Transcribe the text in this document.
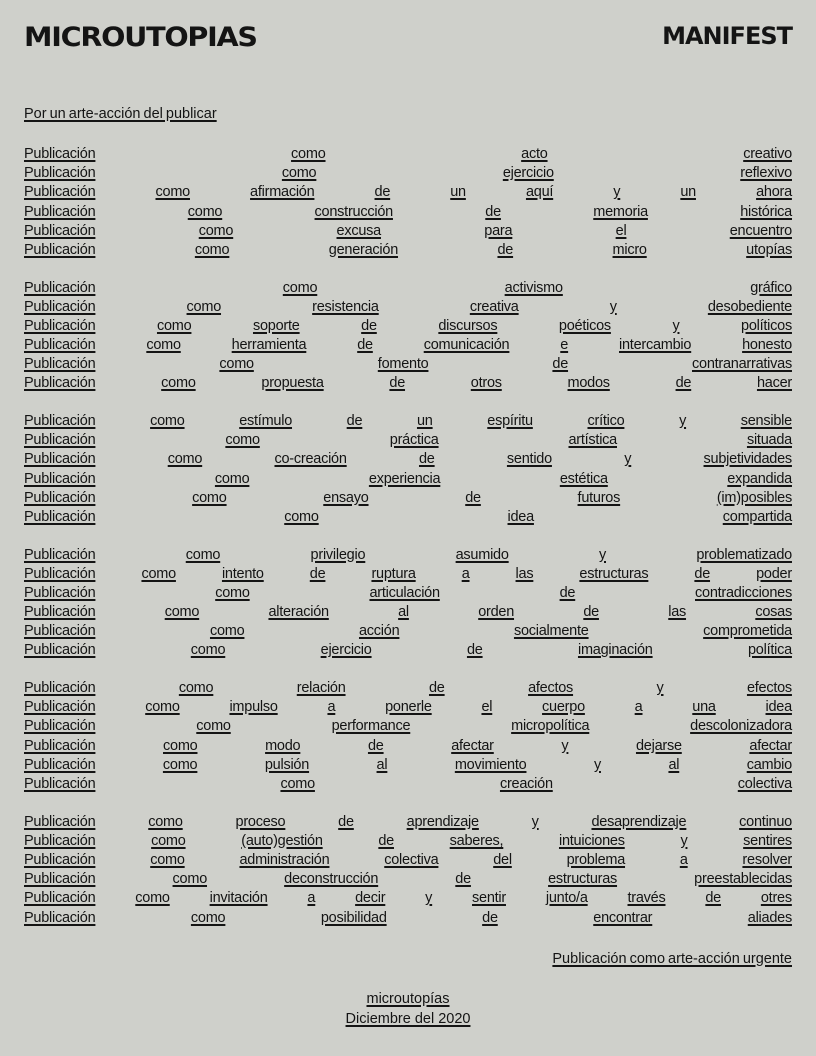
MICROUTOPIAS	MANIFEST
Por un arte-acción del publicar
Publicación	como	acto	creativo
Publicación	como	ejercicio	reflexivo
Publicación	como	afirmación	de	un	aquí	y	un	ahora
Publicación	como	construcción	de	memoria	histórica
Publicación	como	excusa	para	el	encuentro
Publicación	como	generación	de	micro	utopías
Publicación	como	activismo	gráfico
Publicación	como	resistencia	creativa	y	desobediente
Publicación	como	soporte	de	discursos	poéticos	y	políticos
Publicación	como	herramienta	de	comunicación	e	intercambio	honesto
Publicación	como	fomento	de	contranarrativas
Publicación	como	propuesta	de	otros	modos	de	hacer
Publicación	como	estímulo	de	un	espíritu	crítico	y	sensible
Publicación	como	práctica	artística	situada
Publicación	como	co-creación	de	sentido	y	subjetividades
Publicación	como	experiencia	estética	expandida
Publicación	como	ensayo	de	futuros	(im)posibles
Publicación	como	idea	compartida
Publicación	como	privilegio	asumido	y	problematizado
Publicación	como	intento	de	ruptura	a	las	estructuras	de	poder
Publicación	como	articulación	de	contradicciones
Publicación	como	alteración	al	orden	de	las	cosas
Publicación	como	acción	socialmente	comprometida
Publicación	como	ejercicio	de	imaginación	política
Publicación	como	relación	de	afectos	y	efectos
Publicación	como	impulso	a	ponerle	el	cuerpo	a	una	idea
Publicación	como	performance	micropolítica	descolonizadora
Publicación	como	modo	de	afectar	y	dejarse	afectar
Publicación	como	pulsión	al	movimiento	y	al	cambio
Publicación	como	creación	colectiva
Publicación	como	proceso	de	aprendizaje	y	desaprendizaje	continuo
Publicación	como	(auto)gestión	de	saberes,	intuiciones	y	sentires
Publicación	como	administración	colectiva	del	problema	a	resolver
Publicación	como	deconstrucción	de	estructuras	preestablecidas
Publicación	como	invitación	a	decir	y	sentir	junto/a	través	de	otres
Publicación	como	posibilidad	de	encontrar	aliades
Publicación como arte-acción urgente
microutopías
Diciembre del 2020
